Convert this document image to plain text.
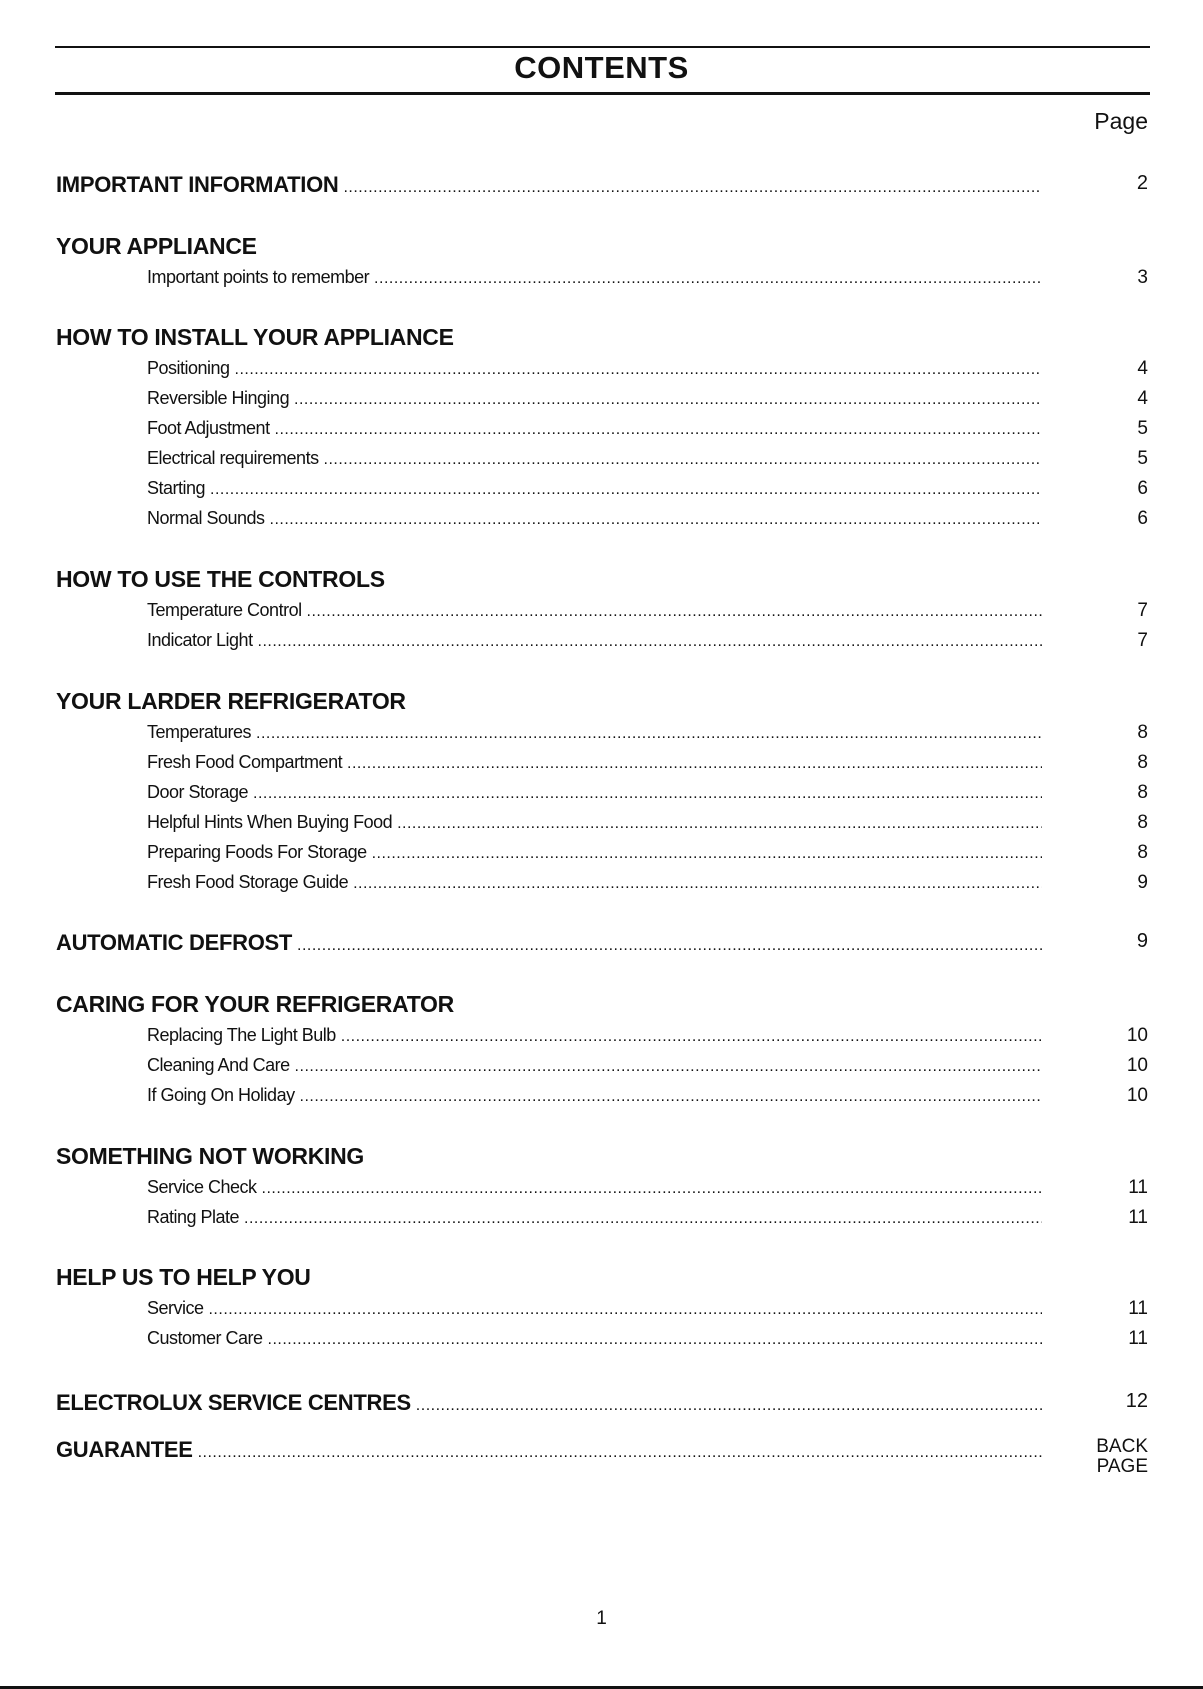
CONTENTS
Page
IMPORTANT INFORMATION .....	2
YOUR APPLIANCE
Important points to remember .....	3
HOW TO INSTALL YOUR APPLIANCE
Positioning .....	4
Reversible Hinging .....	4
Foot Adjustment .....	5
Electrical requirements .....	5
Starting .....	6
Normal Sounds .....	6
HOW TO USE THE CONTROLS
Temperature Control .....	7
Indicator Light .....	7
YOUR LARDER REFRIGERATOR
Temperatures .....	8
Fresh Food Compartment .....	8
Door Storage .....	8
Helpful Hints When Buying Food .....	8
Preparing Foods For Storage .....	8
Fresh Food Storage Guide .....	9
AUTOMATIC DEFROST .....	9
CARING FOR YOUR REFRIGERATOR
Replacing The Light Bulb .....	10
Cleaning And Care .....	10
If Going On Holiday .....	10
SOMETHING NOT WORKING
Service Check .....	11
Rating Plate .....	11
HELP US TO HELP YOU
Service .....	11
Customer Care .....	11
ELECTROLUX SERVICE CENTRES .....	12
GUARANTEE .....	BACK
PAGE
1
